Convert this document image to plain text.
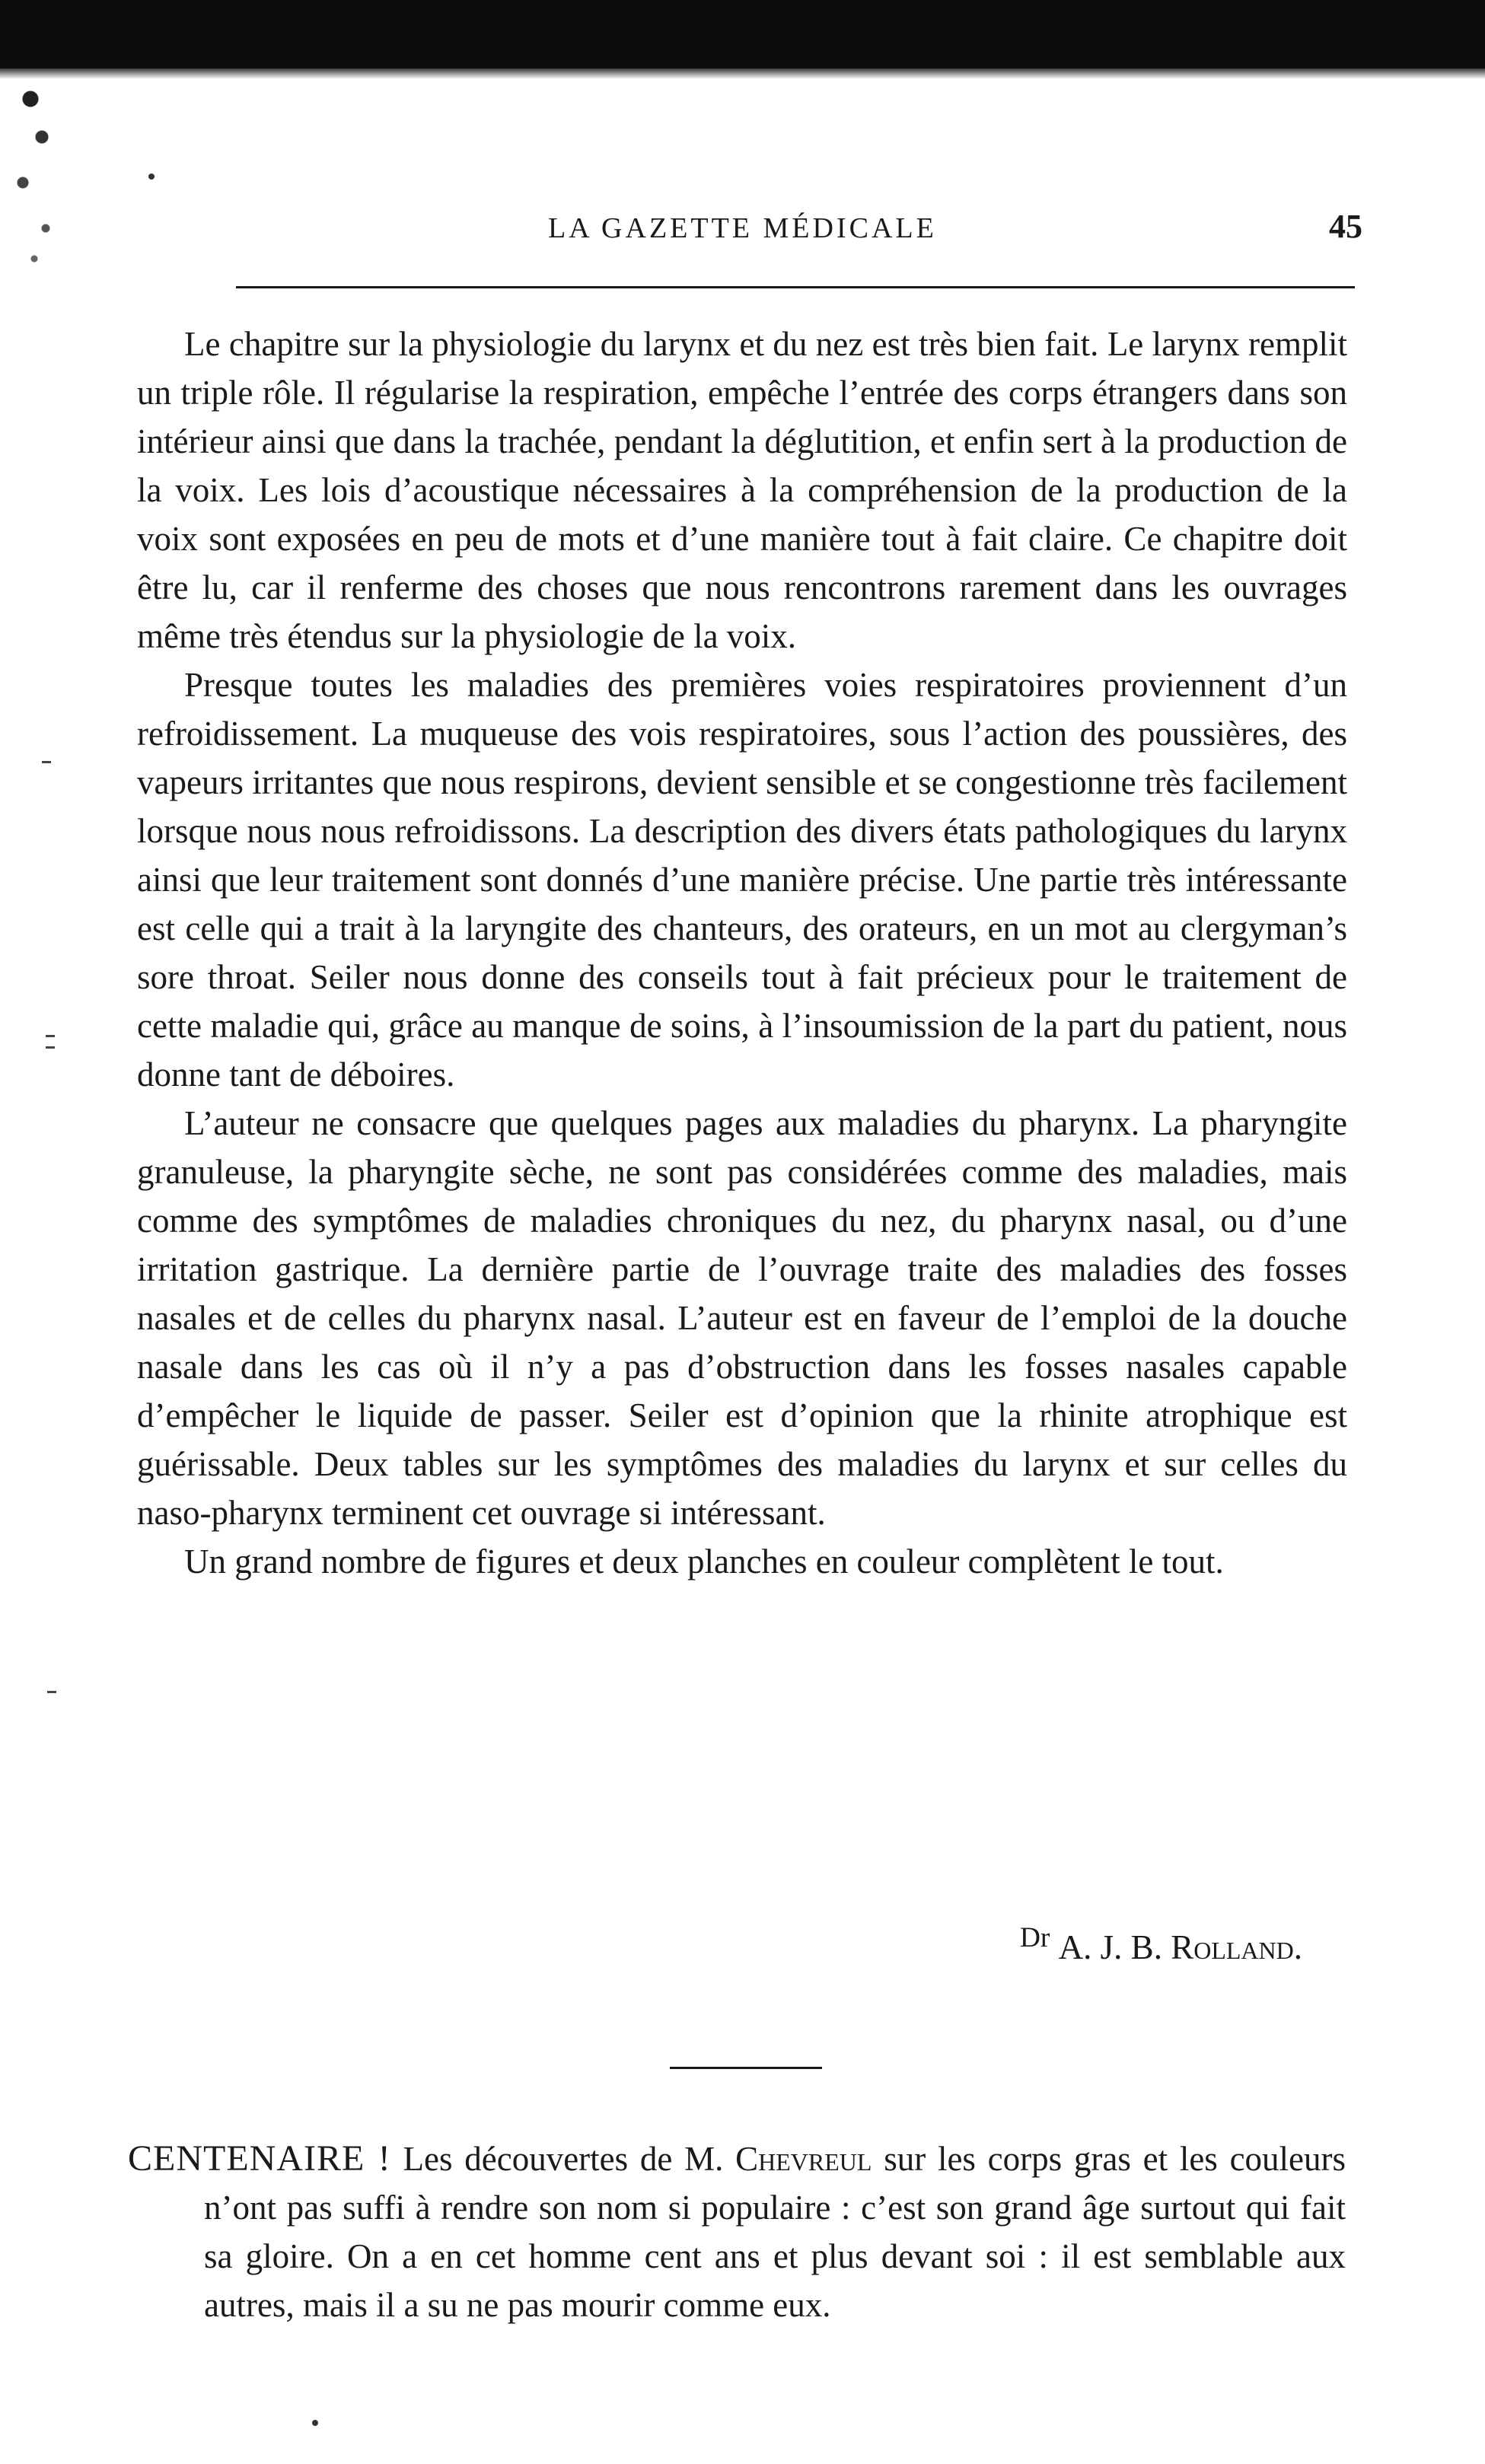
LA GAZETTE MÉDICALE	45

Le chapitre sur la physiologie du larynx et du nez est très bien fait. Le larynx remplit un triple rôle. Il régularise la respiration, empêche l’entrée des corps étrangers dans son intérieur ainsi que dans la trachée, pendant la déglutition, et enfin sert à la production de la voix. Les lois d’acoustique nécessaires à la compréhension de la production de la voix sont exposées en peu de mots et d’une manière tout à fait claire. Ce chapitre doit être lu, car il renferme des choses que nous rencontrons rarement dans les ouvrages même très étendus sur la physiologie de la voix.

Presque toutes les maladies des premières voies respiratoires proviennent d’un refroidissement. La muqueuse des vois respiratoires, sous l’action des poussières, des vapeurs irritantes que nous respirons, devient sensible et se congestionne très facilement lorsque nous nous refroidissons. La description des divers états pathologiques du larynx ainsi que leur traitement sont donnés d’une manière précise. Une partie très intéressante est celle qui a trait à la laryngite des chanteurs, des orateurs, en un mot au clergyman’s sore throat. Seiler nous donne des conseils tout à fait précieux pour le traitement de cette maladie qui, grâce au manque de soins, à l’insoumission de la part du patient, nous donne tant de déboires.

L’auteur ne consacre que quelques pages aux maladies du pharynx. La pharyngite granuleuse, la pharyngite sèche, ne sont pas considérées comme des maladies, mais comme des symptômes de maladies chroniques du nez, du pharynx nasal, ou d’une irritation gastrique. La dernière partie de l’ouvrage traite des maladies des fosses nasales et de celles du pharynx nasal. L’auteur est en faveur de l’emploi de la douche nasale dans les cas où il n’y a pas d’obstruction dans les fosses nasales capable d’empêcher le liquide de passer. Seiler est d’opinion que la rhinite atrophique est guérissable. Deux tables sur les symptômes des maladies du larynx et sur celles du naso-pharynx terminent cet ouvrage si intéressant.

Un grand nombre de figures et deux planches en couleur complètent le tout.

$^{Dr}$ A. J. B. Rolland.

CENTENAIRE ! Les découvertes de M. Chevreul sur les corps gras et les couleurs n’ont pas suffi à rendre son nom si populaire : c’est son grand âge surtout qui fait sa gloire. On a en cet homme cent ans et plus devant soi : il est semblable aux autres, mais il a su ne pas mourir comme eux.
